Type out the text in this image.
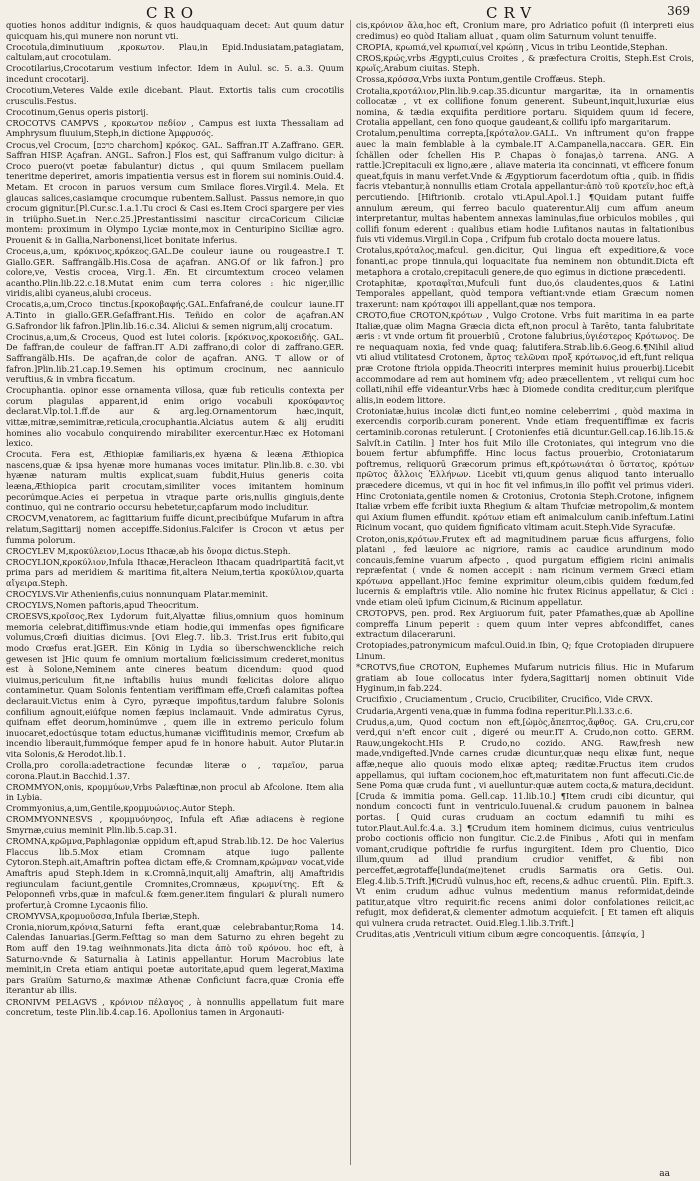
CRO	CRV	369

quoties honos additur indignis, & quos haudquaquam decet: Aut quum datur quicquam his,qui munere non norunt vti.

Crocotula,diminutiuum ,κροκωτον. Plau,in Epid.Indusiatam,patagiatam, caltulam,aut crocotulam.

Crocotilarius,Crocotarum vestium infector. Idem in Aulul. sc. 5. a.3. Quum incedunt crocotarij.

Crocotium,Veteres Valde exile dicebant. Plaut. Extortis talis cum crocotilis crusculis.Festus.

Crocotinum,Genus operis pistorij.

CROCOTVS CAMPVS , κροκωτον πεδίον , Campus est iuxta Thessaliam ad Amphrysum fluuium,Steph,in dictione Ἀμφρυσός.

Crocus,vel Crocum, [כרכם charchom] κρόκος. GAL. Saffran.IT A.Zaffrano. GER. Saffran HISP. Açafran. ANGL. Safron.] Flos est, qui Saffranum vulgo dicitur: à Croco puero(vt poetæ fabulantur) dictus , qui quum Smilacem puellam teneritme deperiret, amoris impatientia versus est in florem sui nominis.Ouid.4. Metam. Et crocon in paruos versum cum Smilace flores.Virgil.4. Mela. Et glaucas salices,casiamque crocumque rubentem.Sallust. Passus nemore,in quo crocum gignitur.[Pl.Cur.sc.1.a.1.Tu croci & Casi es.Item Croci spargere per vies in triüpho.Suet.in Ner.c.25.]Prestantissimi nascitur circaCoricum Ciliciæ montem: proximum in Olympo Lyciæ monte,mox in Centuripino Siciliæ agro. Prouenit & in Gallia,Narbonensi,licet bonitate inferius.

Croceus,a,um, κρόκινος,κρόκεος.GAL.De couleur iaune ou rougeastre.I T. Giallo.GER. Saffrangälb.His.Cosa de açafran. ANG.Of or lik fafron.] pro colore,ve, Vestis crocea, Virg.1. Æn. Et circumtextum croceo velamen acantho.Plin.lib.22.c.18.Mutat enim cum terra colores : hic niger,illic viridis,alibi cyaneus,alubi croceus.

Crocatis,a,um,Croco tinctus.[κροκοβαφής.GAL.Enfafrané,de coulcur iaune.IT A.Tinto in giallo.GER.Geſaffrant.His. Teñido en color de açafran.AN G.Safrondor lik fafron.]Plin.lib.16.c.34. Aliciui & semen nigrum,alij crocatum.

Crocinus,a,um,& Croceus, Quod est lutei coloris. [κρόκινος,κροκοειδής. GAL. De faffran,de couleur de faffran.IT A.Di zaffrano,di color di zaffrano.GER. Saffrangälb.HIs. De açafran,de color de açafran. ANG. T allow or of fafron.]Plin.lib.21.cap.19.Semen his optimum crocinum, nec aanniculo veruftius,& in vmbra ficcatum.

Crocuphantia. opinor esse ornamenta villosa, quæ fub reticulis contexta per corum plagulas apparent,id enim origo vocabuli κροκύφαντος declarat.Vlp.tol.1.ff.de aur & arg.leg.Ornamentorum hæc,inquit, vittæ,mitræ,semimitræ,reticula,crocuphantia.Alciatus autem & alij eruditi homines alio vocabulo conquirendo mirabiliter exercentur.Hæc ex Hotomani lexico.

Crocuta. Fera est, Æthiopiæ familiaris,ex hyæna & leæna Æthiopica nascens,quæ & ipsa hyenæ more humanas voces imitatur. Plin.lib.8. c.30. vbi hyænæ naturam multis explicat,suam fubdit,Huius generis coita leæna,Æthiopica parit crocutam,similiter voces imitantem hominum pecorúmque.Acies ei perpetua in vtraque parte oris,nullis gingiuis,dente continuo, qui ne contrario occursu hebetetur,capfarum modo includitur.

CROCVM,venatorem, ac fagittarium fuiffe dicunt,precibúfque Mufarum in aftra relatum,Sagittarij nomen accepiffe.Sidonius.Falcifer is Crocon vt ætus per fumma polorum.

CROCYLEV M,κροκύλειον,Locus Ithacæ,ab his ὄνομα dictus.Steph.

CROCYLION,κροκύλιον,Infula Ithacæ,Heracleon Ithacam quadripartitā facit,vt prima pars ad meridiem & maritima fit,altera Neium,tertia κροκύλιον,quarta αἴγειρα.Steph.

CROCYLVS.Vir Athenienfis,cuius nonnunquam Platar.meminit.

CROCYLVS,Nomen paftoris,apud Theocritum.

CROESVS,κροῖσος,Rex Lydorum fuit,Alyattæ filius,omnium quos hominum memoria celebrat,ditiffimus:vnde etiam hodie,qui immenfas opes fignificare volumus,Crœfi diuitias dicimus. [Ovi Eleg.7. lib.3. Trist.Irus erit fubito,qui modo Crœfus erat.]GER. Ein König in Lydia so überschwenckliche reich gewesen ist ]Hic quum fe omnium mortalium fœlicissimum crederet,monitus est à Solone,Neminem ante cineres beatum dicendum: quod quod viuimus,periculum fit,ne inftabilis huius mundi fœlicitas dolore aliquo contaminetur. Quam Solonis fententiam veriffimam effe,Crœfi calamitas poftea declarauit.Victus enim à Cyro, pyræque impofitus,tardum falubre Solonis confilium agnouit,eiúfque nomen fæpius inclamauit. Vnde admiratus Cyrus, quifnam effet deorum,hominúmve , quem ille in extremo periculo folum inuocaret,edoctúsque totam eductus,humanæ viciffitudinis memor, Crœfum ab incendio liberauit,fummóque femper apud fe in honore habuit. Autor Plutar.in vita Solonis,& Herodot.lib.1.

Crolla,pro corolla:adetractione fecundæ literæ o , ταμεῖον, parua corona.Plaut.in Bacchid.1.37.

CROMMYON,onis, κρομμύων,Vrbs Palæftinæ,non procul ab Afcolone. Item alia in Lybia.

Crommyonius,a,um,Gentile,κρομμυώνιος.Autor Steph.

CROMMYONNESVS , κρομμυόνησος, Infula eft Afiæ adiacens è regione Smyrnæ,cuius meminit Plin.lib.5.cap.31.

CROMNA,κρῶμνα,Paphlagoniæ oppidum eft,apud Strab.lib.12. De hoc Valerius Flaccus lib.5.Mox etiam Cromnam atque iugo pallente Cytoron.Steph.ait,Amaftrin poftea dictam effe,& Cromnam,κρώμναν vocat,vide Amaftris apud Steph.Idem in κ.Cromnā,inquit,alij Amaftrin, alij Amaftridis regiunculam faciunt,gentile Cromnites,Cromnæus, κρωμνίτης. Eft & Peloponnefi vrbs,quæ in mafcul.& fœm.gener.item fingulari & plurali numero profertur,à Cromne Lycaonis filio.

CROMYVSA,κρομυοῦσσα,Infula Iberiæ,Steph.

Cronia,niorum,κρόνια,Saturni fefta erant,quæ celebrabantur,Roma 14. Calendas Ianuarias.[Germ.Feſttag so man dem Saturno zu ehren begeht zu Rom auff den 19.tag weihnmonats.]ita dicta ἀπὸ τοῦ κρόνου. hoc eft, à Saturno:vnde & Saturnalia à Latinis appellantur. Horum Macrobius late meminit,in Creta etiam antiqui poetæ autoritate,apud quem legerat,Maxima pars Graiùm Saturno,& maximæ Athenæ Conficiunt facra,quæ Cronia effe iterantur ab illis.

CRONIVM PELAGVS , κρόνιον πέλαγος , à nonnullis appellatum fuit mare concretum, teste Plin.lib.4.cap.16. Apollonius tamen in Argonauti-

cis,κρόνιον ἅλα,hoc eft, Cronium mare, pro Adriatico pofuit (ſi interpreti eius credimus) eo quòd Italiam alluat , quam olim Saturnum volunt tenuiffe.

CROPIA, κρωπιά,vel κρωπιαί,vel κρώπη , Vicus in tribu Leontide,Stephan.

CROS,κρώς,vrbs Ægypti,cuius Croites , & præfectura Croitis, Steph.Est Crois, κρωῖς,Arabum ciuitas. Steph.

Crossa,κρόσσα,Vrbs iuxta Pontum,gentile Croffæus. Steph.

Crotalia,κροτάλιον,Plin.lib.9.cap.35.dicuntur margaritæ, ita in ornamentis collocatæ , vt ex collifione fonum generent. Subeunt,inquit,luxuriæ eius nomina, & tædia exquifita perditiore portaru. Siquidem quum id fecere, Crotalia appellant, cen fono quoque gaudeant,& collifu ipfo margaritarum.

Crotalum,penultima correpta,[κρόταλον.GALL. Vn inftrument qu'on frappe auec la main femblable à la cymbale.IT A.Campanella,naccara. GER. Ein ſchällen oder ſchellen His P. Chapas ò fonajas,ò tarrena. ANG. A rattle.]Crepitaculi ex ligno,ære , aliave materia ita concinnati, vt efficere fonum queat,fquis in manu verfet.Vnde & Ægyptiorum facerdotum oftia , quib. in ſfidis facris vtebantur,à nonnullis etiam Crotala appellantur:ἀπὸ τοῦ κροτεῖν,hoc eft,à percutiendo. [Hiftrionib. crotalo vti.Apul.Apol.1.] ¶Quidam putant fuiffe annulum æreum, qui ferreo baculo quaterentur.Alij cum affum aneum interpretantur, multas habentem annexas laminulas,fiue orbiculos mobiles , qui collifi fonum ederent : qualibus etiam hodie Lufitanos nautas in faltationibus fuis vti videmus.Virgil.in Copa , Crifpum fub crotalo docta mouere latus.

Crotalus,κρόταλος,mafcul. gen.dicitur, Qui lingua eft expeditiore,& voce fonanti,ac prope tinnula,qui loquacitate fua neminem non obtundit.Dicta eft metaphora a crotalo,crepitaculi genere,de quo egimus in dictione præcedenti.

Crotaphitæ, κροταφῖται,Mufculi funt duo,ós claudentes,quos & Latini Temporales appellant, quòd tempora veftiant:vnde etiam Græcum nomen traxerunt: nam κρόταφοι illi appellant,quæ nos tempora.

CROTO,fiue CROTON,κρότων , Vulgo Crotone. Vrbs fuit maritima in ea parte Italiæ,quæ olim Magna Græcia dicta eft,non procul à Tarēto, tanta falubritate æris : vt vnde ortum fit prouerbiū , Crotone falubrius,ὑγιέστερος Κρότωνος. De re nequaquam noxia, fed vnde quaq; falutifera.Strab.lib.6.Geog.6.¶Nihil aliud vti aliud vtilitatesd Crotonem, ἄρτος τελῶναι προξ κρότωνος,id eft,funt reliqua præ Crotone ftriola oppida.Theocriti interpres meminit huius prouerbij.Licebit accommodare ad rem aut hominem vfq; adeo præcellentem , vt reliqui cum hoc collati,nihil effe videantur.Vrbs hæc à Diomede condita creditur,cum plerifque aliis,in eodem littore.

Crotoniatæ,huius incolæ dicti funt,eo nomine celeberrimi , quòd maxima in exercendis corporib.curam ponerent. Vnde etiam frequentiffimæ ex facris certaminib.coronas retulerunt. [ Crotonienfes etiā dicuntur.Gell.cap.16.lib.15.& Salvſt.in Catilin. ] Inter hos fuit Milo ille Crotoniates, qui integrum vno die bouem fertur abfumpfiffe. Hinc locus factus prouerbio, Crotoniatarum poftremus, reliquorū Græcorum primus eft,κρότωνιάται ὁ ὕστατος, κρότων πρῶτος ἄλλοις Ἑλλήνων. Licebit vti,quum genus aliquod tanto interuallo præcedere dicemus, vt qui in hoc fit vel infimus,in illo poffit vel primus videri. Hinc Crotoniata,gentile nomen & Crotonius, Crotonia Steph.Crotone, infignem Italiæ vrbem effe fcribit iuxta Rhegium & altam Thufciæ metropolim,& montem qui Axium flumen effundit. κρότων etiam eft animalculum canib.infeftum.Latini Ricinum vocant, quo quidem fignificato vltimam acuit.Steph.Vide Syracufæ.

Croton,onis,κρότων.Frutex eft ad magnitudinem paruæ ficus affurgens, folio platani , fed læuiore ac nigriore, ramis ac caudice arundinum modo concauis,femine vuarum afpecto , quod purgatum effigiem ricini animalis repræfentat ( vnde & nomen accepit : nam ricinum vermem Græci etiam κρότωνα appellant.)Hoc femine exprimitur oleum,cibis quidem fœdum,fed lucernis & emplaftris vtile. Alio nomine hic frutex Ricinus appellatur, & Cici : vnde etiam oleū ipfum Cicinum,& Ricinum appellatur.

CROTOPVS, pen. prod. Rex Argiuorum fuit, pater Pfamathes,quæ ab Apolline compreffa Linum peperit : quem quum inter vepres abfcondiffet, canes extractum dilaceraruni.

Crotopiades,patronymicum mafcul.Ouid.in Ibin, Q; fque Crotopiaden dirupuere Linum.

*CROTVS,fiue CROTON, Euphemes Mufarum nutricis filius. Hic in Mufarum gratiam ab Ioue collocatus inter fydera,Sagittarij nomen obtinuit Vide Hyginum,in fab.224.

Crucifixio , Cruciamentum , Crucio, Crucibiliter, Crucifico, Vide CRVX.

Crudaria,Argenti vena,quæ in fumma fodina reperitur.Pli.l.33.c.6.

Crudus,a,um, Quod coctum non eft,[ὠμὸς,ἄπεπτος,ἄφθος. GA. Cru,cru,cor verd,qui n'eft encor cuit , digeré ou meur.IT A. Crudo,non cotto. GERM. Rauw,ungekocht.HIs P. Crudo,no cozido. ANG. Raw,fresh new made,vndigefted.]Vnde carnes crudæ dicuntur,quæ nequ elixæ funt, neque affæ,neque alio quouis modo elixæ apteq; ræditæ.Fructus item crudos appellamus, qui iuftam cocionem,hoc eft,maturitatem non funt affecuti.Cic.de Sene Poma quæ cruda funt , vi auelluntur:quæ autem cocta,& matura,decidunt. [Cruda & immitia poma. Gell.cap. 11.lib.10.] ¶Item crudi cibi dicuntur, qui nondum concocti funt in ventriculo.Iuuenal.& crudum pauonem in balnea portas. [ Quid curas cruduam an coctum edamnifi tu mihi es tutor.Plaut.Aul.fc.4.a. 3.] ¶Crudum item hominem dicimus, cuius ventriculus probo coctionis officio non fungitur. Cic.2.de Finibus , Afoti qui in menfam vomant,crudique poftridie fe rurfus ingurgitent. Idem pro Cluentio, Dico illum,quum ad illud prandium crudior veniffet, & fibi non perceffet,ægrotaffe[lunda(me)tenet crudis Sarmatis ora Getis. Oui. Eleg.4.lib.5.Trift.]¶Crudū vulnus,hoc eft, recens,& adhuc cruentū. Plin. Epift.3. Vt enim crudum adhuc vulnus medentium manus reformidat,deinde patitur,atque vltro requirit:fic recens animi dolor confolationes reiicit,ac refugit, mox defiderat,& clementer admotum acquiefcit. [ Et tamen eft aliquis qui vulnera cruda retractet. Ouid.Eleg.1.lib.3.Trift.]

Cruditas,atis ,Ventriculi vitium cibum ægre concoquentis. [ἀπεψία, ]

aa
